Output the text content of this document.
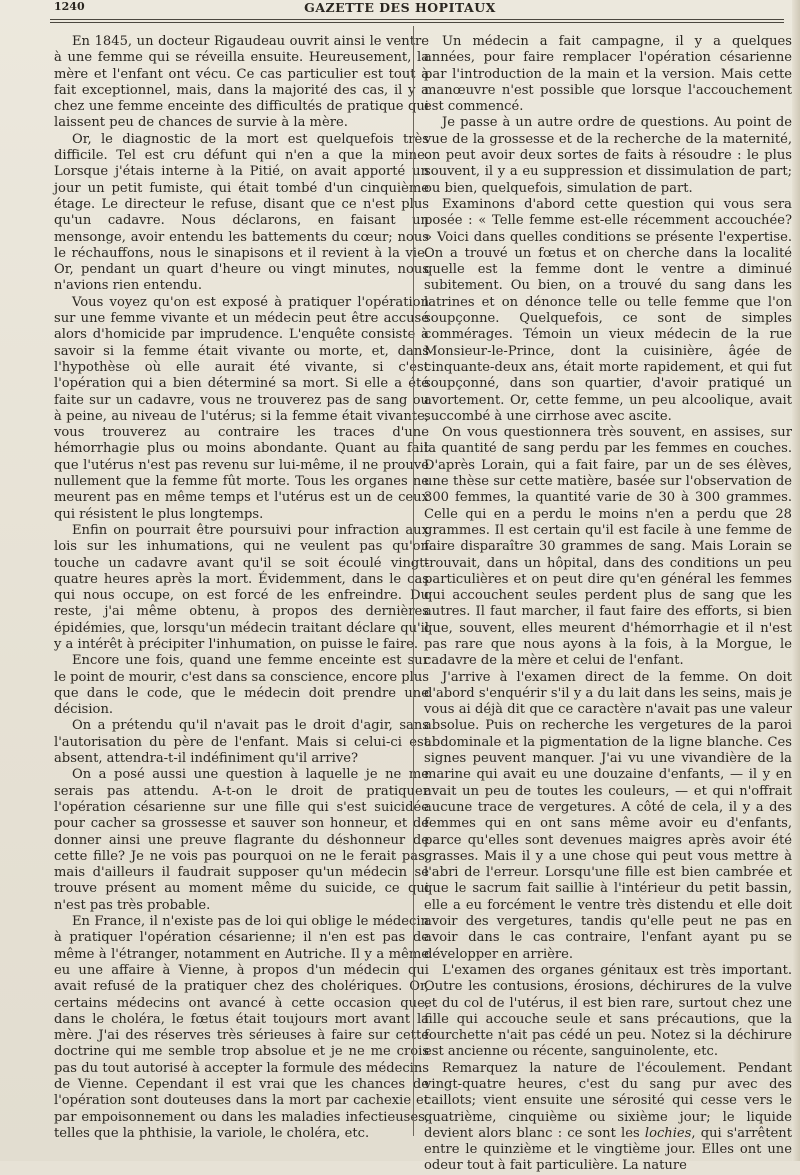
1240	GAZETTE DES HOPITAUX

En 1845, un docteur Rigaudeau ouvrit ainsi le ventre à une femme qui se réveilla ensuite. Heureusement, la mère et l'enfant ont vécu. Ce cas particulier est tout à fait exceptionnel, mais, dans la majorité des cas, il y a chez une femme enceinte des difficultés de pratique qui laissent peu de chances de survie à la mère.

Or, le diagnostic de la mort est quelquefois très difficile. Tel est cru défunt qui n'en a que la mine. Lorsque j'étais interne à la Pitié, on avait apporté un jour un petit fumiste, qui était tombé d'un cinquième étage. Le directeur le refuse, disant que ce n'est plus qu'un cadavre. Nous déclarons, en faisant un mensonge, avoir entendu les battements du cœur; nous le réchauffons, nous le sinapisons et il revient à la vie. Or, pendant un quart d'heure ou vingt minutes, nous n'avions rien entendu.

Vous voyez qu'on est exposé à pratiquer l'opération sur une femme vivante et un médecin peut être accusé alors d'homicide par imprudence. L'enquête consiste à savoir si la femme était vivante ou morte, et, dans l'hypothèse où elle aurait été vivante, si c'est l'opération qui a bien déterminé sa mort. Si elle a été faite sur un cadavre, vous ne trouverez pas de sang ou à peine, au niveau de l'utérus; si la femme était vivante, vous trouverez au contraire les traces d'une hémorrhagie plus ou moins abondante. Quant au fait que l'utérus n'est pas revenu sur lui-même, il ne prouve nullement que la femme fût morte. Tous les organes ne meurent pas en même temps et l'utérus est un de ceux qui résistent le plus longtemps.

Enfin on pourrait être poursuivi pour infraction aux lois sur les inhumations, qui ne veulent pas qu'on touche un cadavre avant qu'il se soit écoulé vingt-quatre heures après la mort. Évidemment, dans le cas qui nous occupe, on est forcé de les enfreindre. Du reste, j'ai même obtenu, à propos des dernières épidémies, que, lorsqu'un médecin traitant déclare qu'il y a intérêt à précipiter l'inhumation, on puisse le faire.

Encore une fois, quand une femme enceinte est sur le point de mourir, c'est dans sa conscience, encore plus que dans le code, que le médecin doit prendre une décision.

On a prétendu qu'il n'avait pas le droit d'agir, sans l'autorisation du père de l'enfant. Mais si celui-ci est absent, attendra-t-il indéfiniment qu'il arrive?

On a posé aussi une question à laquelle je ne me serais pas attendu. A-t-on le droit de pratiquer l'opération césarienne sur une fille qui s'est suicidée pour cacher sa grossesse et sauver son honneur, et de donner ainsi une preuve flagrante du déshonneur de cette fille? Je ne vois pas pourquoi on ne le ferait pas, mais d'ailleurs il faudrait supposer qu'un médecin se trouve présent au moment même du suicide, ce qui n'est pas très probable.

En France, il n'existe pas de loi qui oblige le médecin à pratiquer l'opération césarienne; il n'en est pas de même à l'étranger, notamment en Autriche. Il y a même eu une affaire à Vienne, à propos d'un médecin qui avait refusé de la pratiquer chez des cholériques. Or, certains médecins ont avancé à cette occasion que, dans le choléra, le fœtus était toujours mort avant la mère. J'ai des réserves très sérieuses à faire sur cette doctrine qui me semble trop absolue et je ne me crois pas du tout autorisé à accepter la formule des médecins de Vienne. Cependant il est vrai que les chances de l'opération sont douteuses dans la mort par cachexie et par empoisonnement ou dans les maladies infectieuses, telles que la phthisie, la variole, le choléra, etc.

Un médecin a fait campagne, il y a quelques années, pour faire remplacer l'opération césarienne par l'introduction de la main et la version. Mais cette manœuvre n'est possible que lorsque l'accouchement est commencé.

Je passe à un autre ordre de questions. Au point de vue de la grossesse et de la recherche de la maternité, on peut avoir deux sortes de faits à résoudre : le plus souvent, il y a eu suppression et dissimulation de part; ou bien, quelquefois, simulation de part.

Examinons d'abord cette question qui vous sera posée : « Telle femme est-elle récemment accouchée? » Voici dans quelles conditions se présente l'expertise. On a trouvé un fœtus et on cherche dans la localité quelle est la femme dont le ventre a diminué subitement. Ou bien, on a trouvé du sang dans les latrines et on dénonce telle ou telle femme que l'on soupçonne. Quelquefois, ce sont de simples commérages. Témoin un vieux médecin de la rue Monsieur-le-Prince, dont la cuisinière, âgée de cinquante-deux ans, était morte rapidement, et qui fut soupçonné, dans son quartier, d'avoir pratiqué un avortement. Or, cette femme, un peu alcoolique, avait succombé à une cirrhose avec ascite.

On vous questionnera très souvent, en assises, sur la quantité de sang perdu par les femmes en couches. D'après Lorain, qui a fait faire, par un de ses élèves, une thèse sur cette matière, basée sur l'observation de 300 femmes, la quantité varie de 30 à 300 grammes. Celle qui en a perdu le moins n'en a perdu que 28 grammes. Il est certain qu'il est facile à une femme de faire disparaître 30 grammes de sang. Mais Lorain se trouvait, dans un hôpital, dans des conditions un peu particulières et on peut dire qu'en général les femmes qui accouchent seules perdent plus de sang que les autres. Il faut marcher, il faut faire des efforts, si bien que, souvent, elles meurent d'hémorrhagie et il n'est pas rare que nous ayons à la fois, à la Morgue, le cadavre de la mère et celui de l'enfant.

J'arrive à l'examen direct de la femme. On doit d'abord s'enquérir s'il y a du lait dans les seins, mais je vous ai déjà dit que ce caractère n'avait pas une valeur absolue. Puis on recherche les vergetures de la paroi abdominale et la pigmentation de la ligne blanche. Ces signes peuvent manquer. J'ai vu une vivandière de la marine qui avait eu une douzaine d'enfants, — il y en avait un peu de toutes les couleurs, — et qui n'offrait aucune trace de vergetures. A côté de cela, il y a des femmes qui en ont sans même avoir eu d'enfants, parce qu'elles sont devenues maigres après avoir été grasses. Mais il y a une chose qui peut vous mettre à l'abri de l'erreur. Lorsqu'une fille est bien cambrée et que le sacrum fait saillie à l'intérieur du petit bassin, elle a eu forcément le ventre très distendu et elle doit avoir des vergetures, tandis qu'elle peut ne pas en avoir dans le cas contraire, l'enfant ayant pu se développer en arrière.

L'examen des organes génitaux est très important. Outre les contusions, érosions, déchirures de la vulve et du col de l'utérus, il est bien rare, surtout chez une fille qui accouche seule et sans précautions, que la fourchette n'ait pas cédé un peu. Notez si la déchirure est ancienne ou récente, sanguinolente, etc.

Remarquez la nature de l'écoulement. Pendant vingt-quatre heures, c'est du sang pur avec des caillots; vient ensuite une sérosité qui cesse vers le quatrième, cinquième ou sixième jour; le liquide devient alors blanc : ce sont les lochies, qui s'arrêtent entre le quinzième et le vingtième jour. Elles ont une odeur tout à fait particulière. La nature
